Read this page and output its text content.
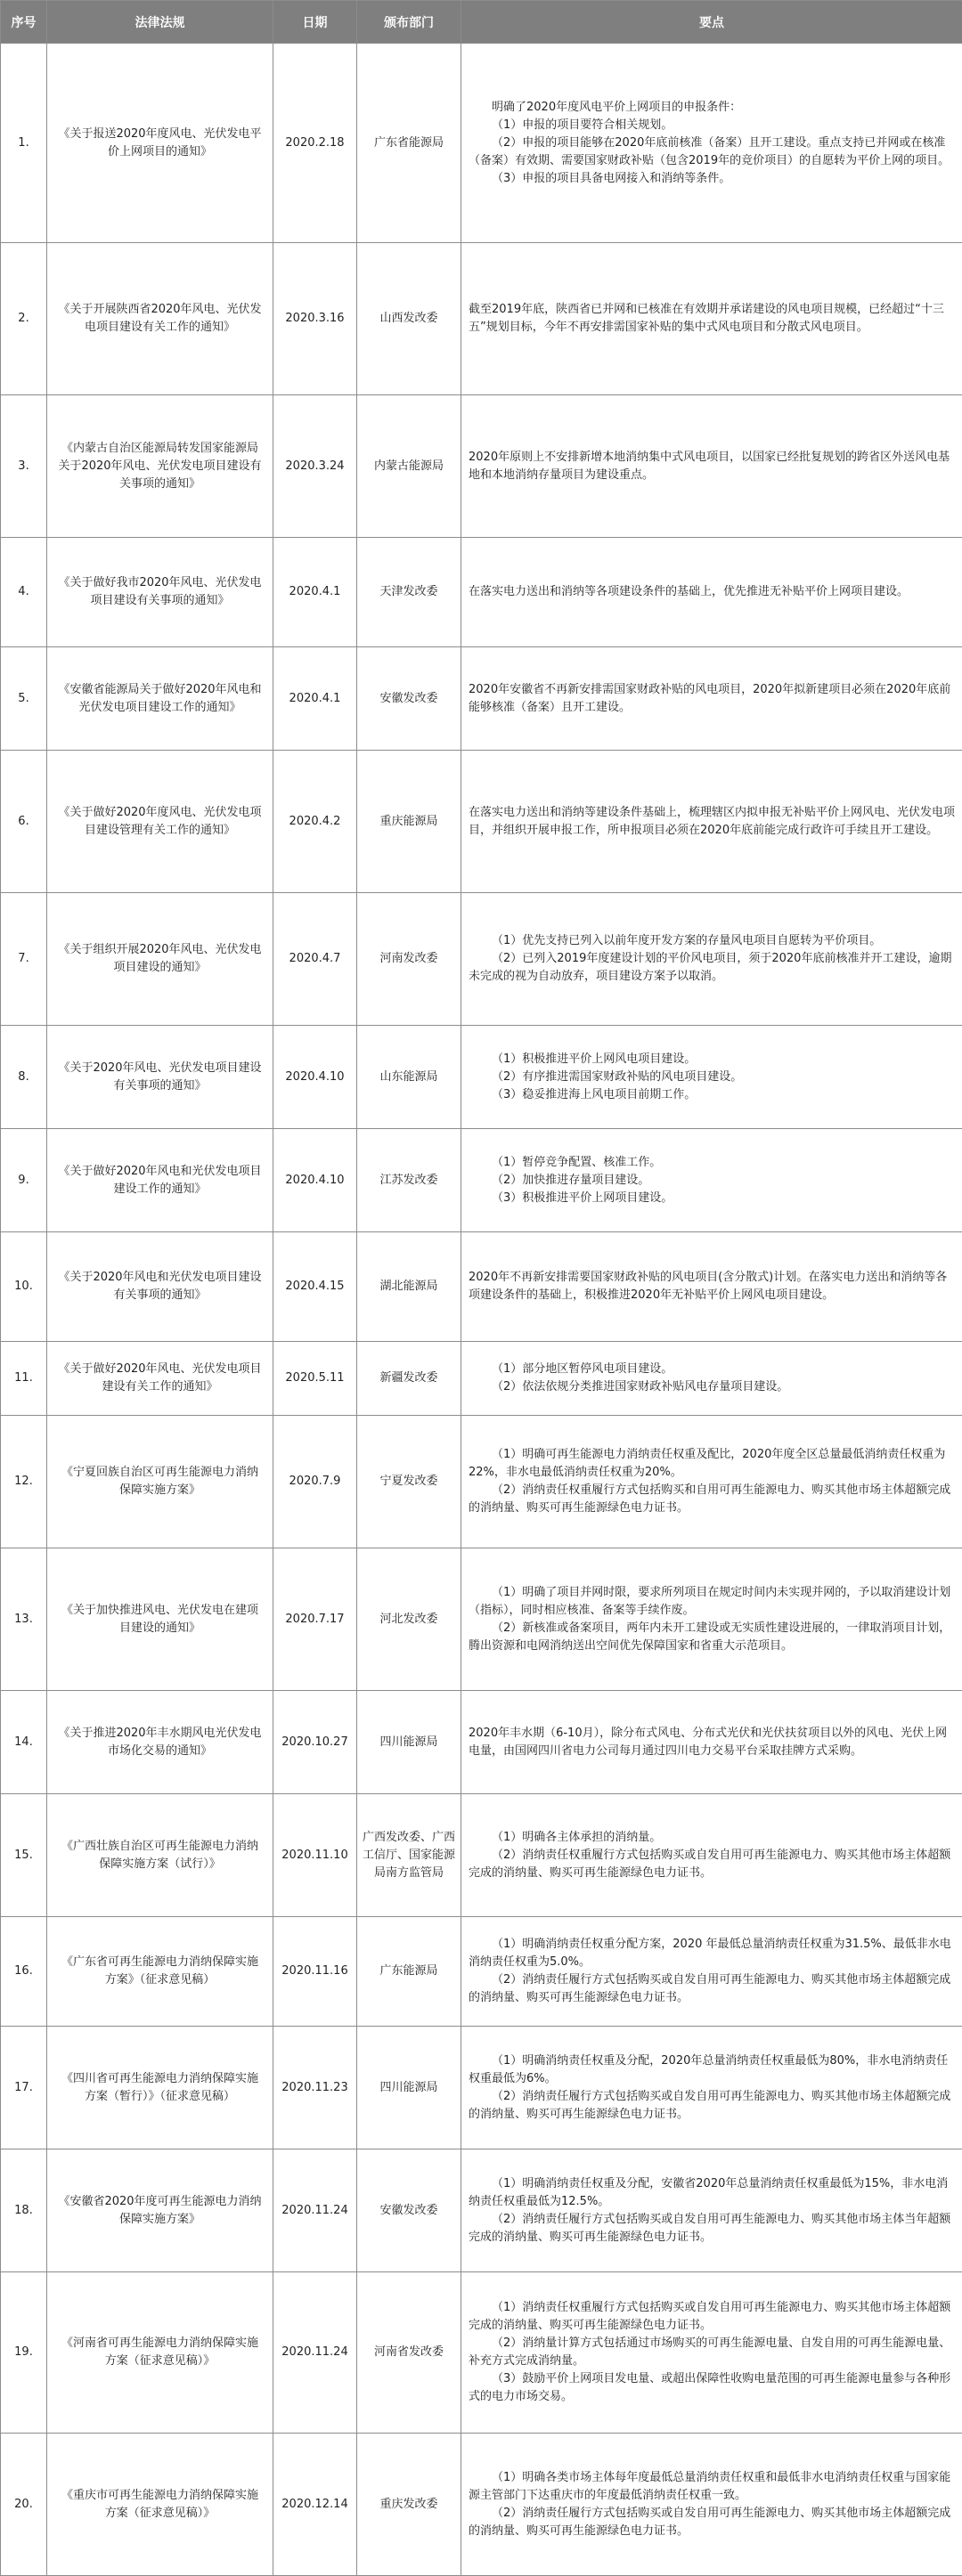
序号	法律法规	日期	颁布部门	要点
1.	《关于报送2020年度风电、光伏发电平价上网项目的通知》	2020.2.18	广东省能源局	明确了2020年度风电平价上网项目的申报条件：
（1）申报的项目要符合相关规划。
（2）申报的项目能够在2020年底前核准（备案）且开工建设。重点支持已并网或在核准（备案）有效期、需要国家财政补贴（包含2019年的竞价项目）的自愿转为平价上网的项目。
（3）申报的项目具备电网接入和消纳等条件。

2.	《关于开展陕西省2020年风电、光伏发电项目建设有关工作的通知》	2020.3.16	山西发改委	截至2019年底，陕西省已并网和已核准在有效期并承诺建设的风电项目规模，已经超过“十三五”规划目标，今年不再安排需国家补贴的集中式风电项目和分散式风电项目。

3.	《内蒙古自治区能源局转发国家能源局关于2020年风电、光伏发电项目建设有关事项的通知》	2020.3.24	内蒙古能源局	2020年原则上不安排新增本地消纳集中式风电项目，以国家已经批复规划的跨省区外送风电基地和本地消纳存量项目为建设重点。

4.	《关于做好我市2020年风电、光伏发电项目建设有关事项的通知》	2020.4.1	天津发改委	在落实电力送出和消纳等各项建设条件的基础上，优先推进无补贴平价上网项目建设。

5.	《安徽省能源局关于做好2020年风电和光伏发电项目建设工作的通知》	2020.4.1	安徽发改委	2020年安徽省不再新安排需国家财政补贴的风电项目，2020年拟新建项目必须在2020年底前能够核准（备案）且开工建设。

6.	《关于做好2020年度风电、光伏发电项目建设管理有关工作的通知》	2020.4.2	重庆能源局	在落实电力送出和消纳等建设条件基础上，梳理辖区内拟申报无补贴平价上网风电、光伏发电项目，并组织开展申报工作，所申报项目必须在2020年底前能完成行政许可手续且开工建设。

7.	《关于组织开展2020年风电、光伏发电项目建设的通知》	2020.4.7	河南发改委	（1）优先支持已列入以前年度开发方案的存量风电项目自愿转为平价项目。
（2）已列入2019年度建设计划的平价风电项目，须于2020年底前核准并开工建设，逾期未完成的视为自动放弃，项目建设方案予以取消。

8.	《关于2020年风电、光伏发电项目建设有关事项的通知》	2020.4.10	山东能源局	（1）积极推进平价上网风电项目建设。
（2）有序推进需国家财政补贴的风电项目建设。
（3）稳妥推进海上风电项目前期工作。

9.	《关于做好2020年风电和光伏发电项目建设工作的通知》	2020.4.10	江苏发改委	（1）暂停竞争配置、核准工作。
（2）加快推进存量项目建设。
（3）积极推进平价上网项目建设。

10.	《关于2020年风电和光伏发电项目建设有关事项的通知》	2020.4.15	湖北能源局	2020年不再新安排需要国家财政补贴的风电项目(含分散式)计划。在落实电力送出和消纳等各项建设条件的基础上，积极推进2020年无补贴平价上网风电项目建设。

11.	《关于做好2020年风电、光伏发电项目建设有关工作的通知》	2020.5.11	新疆发改委	（1）部分地区暂停风电项目建设。
（2）依法依规分类推进国家财政补贴风电存量项目建设。

12.	《宁夏回族自治区可再生能源电力消纳保障实施方案》	2020.7.9	宁夏发改委	（1）明确可再生能源电力消纳责任权重及配比，2020年度全区总量最低消纳责任权重为22%，非水电最低消纳责任权重为20%。
（2）消纳责任权重履行方式包括购买和自用可再生能源电力、购买其他市场主体超额完成的消纳量、购买可再生能源绿色电力证书。

13.	《关于加快推进风电、光伏发电在建项目建设的通知》	2020.7.17	河北发改委	（1）明确了项目并网时限，要求所列项目在规定时间内未实现并网的，予以取消建设计划（指标），同时相应核准、备案等手续作废。
（2）新核准或备案项目，两年内未开工建设或无实质性建设进展的，一律取消项目计划，腾出资源和电网消纳送出空间优先保障国家和省重大示范项目。

14.	《关于推进2020年丰水期风电光伏发电市场化交易的通知》	2020.10.27	四川能源局	2020年丰水期（6-10月），除分布式风电、分布式光伏和光伏扶贫项目以外的风电、光伏上网电量，由国网四川省电力公司每月通过四川电力交易平台采取挂牌方式采购。

15.	《广西壮族自治区可再生能源电力消纳保障实施方案（试行）》	2020.11.10	广西发改委、广西工信厅、国家能源局南方监管局	（1）明确各主体承担的消纳量。
（2）消纳责任权重履行方式包括购买或自发自用可再生能源电力、购买其他市场主体超额完成的消纳量、购买可再生能源绿色电力证书。

16.	《广东省可再生能源电力消纳保障实施方案》（征求意见稿）	2020.11.16	广东能源局	（1）明确消纳责任权重分配方案，2020 年最低总量消纳责任权重为31.5%、最低非水电消纳责任权重为5.0%。
（2）消纳责任履行方式包括购买或自发自用可再生能源电力、购买其他市场主体超额完成的消纳量、购买可再生能源绿色电力证书。

17.	《四川省可再生能源电力消纳保障实施方案（暂行）》（征求意见稿）	2020.11.23	四川能源局	（1）明确消纳责任权重及分配，2020年总量消纳责任权重最低为80%，非水电消纳责任权重最低为6%。
（2）消纳责任履行方式包括购买或自发自用可再生能源电力、购买其他市场主体超额完成的消纳量、购买可再生能源绿色电力证书。

18.	《安徽省2020年度可再生能源电力消纳保障实施方案》	2020.11.24	安徽发改委	（1）明确消纳责任权重及分配，安徽省2020年总量消纳责任权重最低为15%，非水电消纳责任权重最低为12.5%。
（2）消纳责任履行方式包括购买或自发自用可再生能源电力、购买其他市场主体当年超额完成的消纳量、购买可再生能源绿色电力证书。

19.	《河南省可再生能源电力消纳保障实施方案（征求意见稿）》	2020.11.24	河南省发改委	（1）消纳责任权重履行方式包括购买或自发自用可再生能源电力、购买其他市场主体超额完成的消纳量、购买可再生能源绿色电力证书。
（2）消纳量计算方式包括通过市场购买的可再生能源电量、自发自用的可再生能源电量、补充方式完成消纳量。
（3）鼓励平价上网项目发电量、或超出保障性收购电量范围的可再生能源电量参与各种形式的电力市场交易。

20.	《重庆市可再生能源电力消纳保障实施方案（征求意见稿）》	2020.12.14	重庆发改委	（1）明确各类市场主体每年度最低总量消纳责任权重和最低非水电消纳责任权重与国家能源主管部门下达重庆市的年度最低消纳责任权重一致。
（2）消纳责任履行方式包括购买或自发自用可再生能源电力、购买其他市场主体超额完成的消纳量、购买可再生能源绿色电力证书。
